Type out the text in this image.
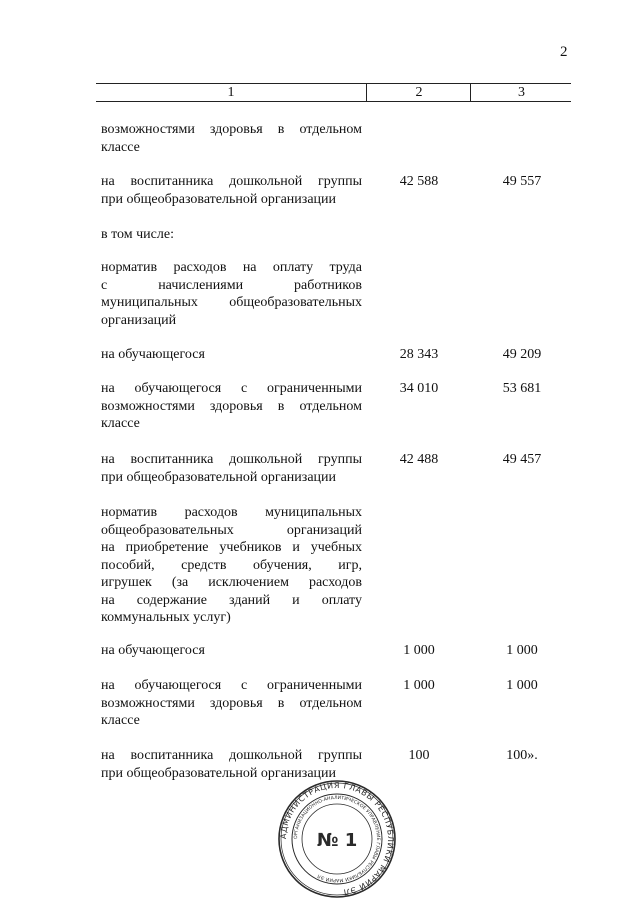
2
1	2	3
возможностями здоровья в отдельном
классе
на воспитанника дошкольной группы
при общеобразовательной организации
42 588	49 557
в том числе:
норматив расходов на оплату труда
с начислениями работников
муниципальных общеобразовательных
организаций
на обучающегося	28 343	49 209
на обучающегося с ограниченными
возможностями здоровья в отдельном
классе
34 010	53 681
на воспитанника дошкольной группы
при общеобразовательной организации
42 488	49 457
норматив расходов муниципальных
общеобразовательных организаций
на приобретение учебников и учебных
пособий, средств обучения, игр,
игрушек (за исключением расходов
на содержание зданий и оплату
коммунальных услуг)
на обучающегося	1 000	1 000
на обучающегося с ограниченными
возможностями здоровья в отдельном
классе
1 000	1 000
на воспитанника дошкольной группы
при общеобразовательной организации
100	100».
АДМИНИСТРАЦИЯ ГЛАВЫ РЕСПУБЛИКИ МАРИЙ ЭЛ
ОРГАНИЗАЦИОННО-АНАЛИТИЧЕСКОЕ УПРАВЛЕНИЕ ГЛАВЫ РЕСПУБЛИКИ МАРИЙ ЭЛ
№ 1
